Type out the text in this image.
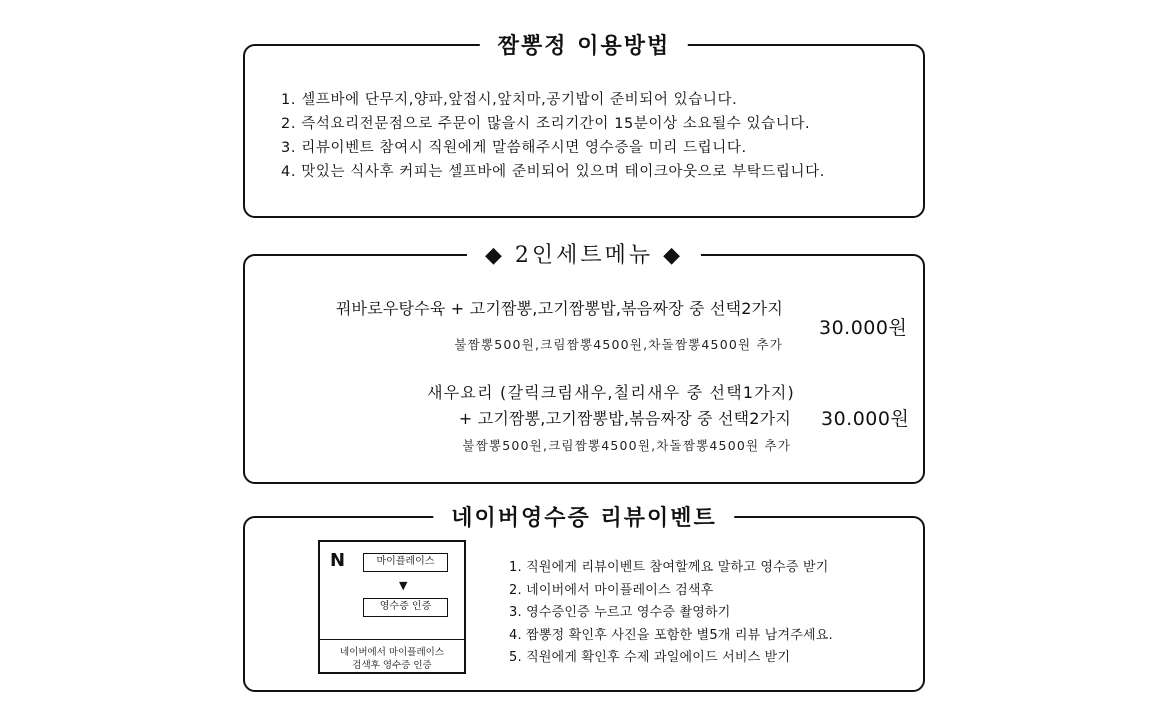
짬뽕정 이용방법
1. 셀프바에 단무지,양파,앞접시,앞치마,공기밥이 준비되어 있습니다.
2. 즉석요리전문점으로 주문이 많을시 조리기간이 15분이상 소요될수 있습니다.
3. 리뷰이벤트 참여시 직원에게 말씀해주시면 영수증을 미리 드립니다.
4. 맛있는 식사후 커피는 셀프바에 준비되어 있으며 테이크아웃으로 부탁드립니다.
◆ 2인세트메뉴 ◆
꿔바로우탕수육 + 고기짬뽕,고기짬뽕밥,볶음짜장 중 선택2가지
불짬뽕500원,크림짬뽕4500원,차돌짬뽕4500원 추가
30.000원
새우요리 (갈릭크림새우,칠리새우 중 선택1가지)
+ 고기짬뽕,고기짬뽕밥,볶음짜장 중 선택2가지
불짬뽕500원,크림짬뽕4500원,차돌짬뽕4500원 추가
30.000원
네이버영수증 리뷰이벤트
N	마이플레이스
▼
영수증 인증
네이버에서 마이플레이스
검색후 영수증 인증
1. 직원에게 리뷰이벤트 참여할께요 말하고 영수증 받기
2. 네이버에서 마이플레이스 검색후
3. 영수증인증 누르고 영수증 촬영하기
4. 짬뽕정 확인후 사진을 포함한 별5개 리뷰 남겨주세요.
5. 직원에게 확인후 수제 과일에이드 서비스 받기
